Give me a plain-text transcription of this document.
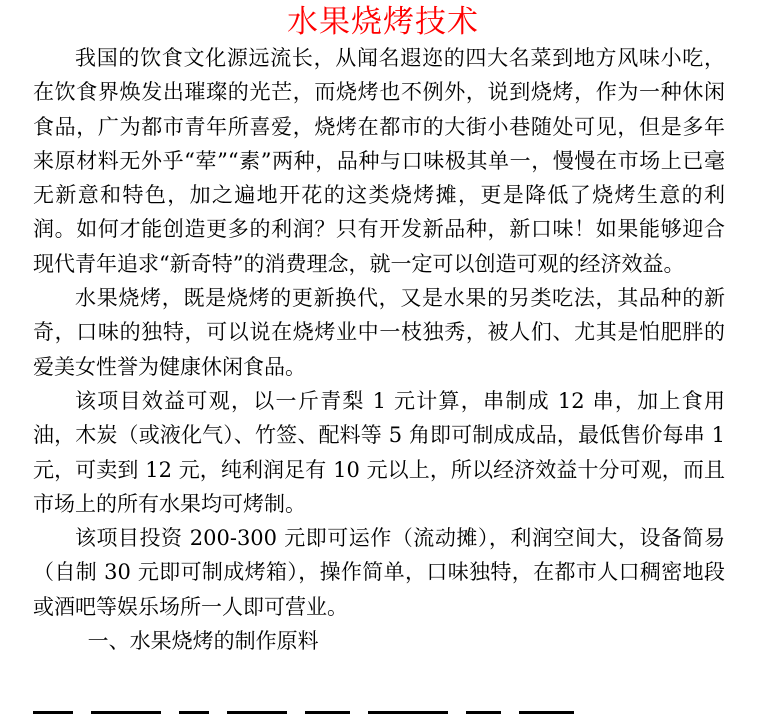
水果烧烤技术

我国的饮食文化源远流长，从闻名遐迩的四大名菜到地方风味小吃，在饮食界焕发出璀璨的光芒，而烧烤也不例外，说到烧烤，作为一种休闲食品，广为都市青年所喜爱，烧烤在都市的大街小巷随处可见，但是多年来原材料无外乎“荤”“素”两种，品种与口味极其单一，慢慢在市场上已毫无新意和特色，加之遍地开花的这类烧烤摊，更是降低了烧烤生意的利润。如何才能创造更多的利润？只有开发新品种，新口味！如果能够迎合现代青年追求“新奇特”的消费理念，就一定可以创造可观的经济效益。

水果烧烤，既是烧烤的更新换代，又是水果的另类吃法，其品种的新奇，口味的独特，可以说在烧烤业中一枝独秀，被人们、尤其是怕肥胖的爱美女性誉为健康休闲食品。

该项目效益可观，以一斤青梨 1 元计算，串制成 12 串，加上食用油，木炭（或液化气）、竹签、配料等 5 角即可制成成品，最低售价每串 1 元，可卖到 12 元，纯利润足有 10 元以上，所以经济效益十分可观，而且市场上的所有水果均可烤制。

该项目投资 200-300 元即可运作（流动摊），利润空间大，设备简易（自制 30 元即可制成烤箱），操作简单，口味独特，在都市人口稠密地段或酒吧等娱乐场所一人即可营业。

一、水果烧烤的制作原料
